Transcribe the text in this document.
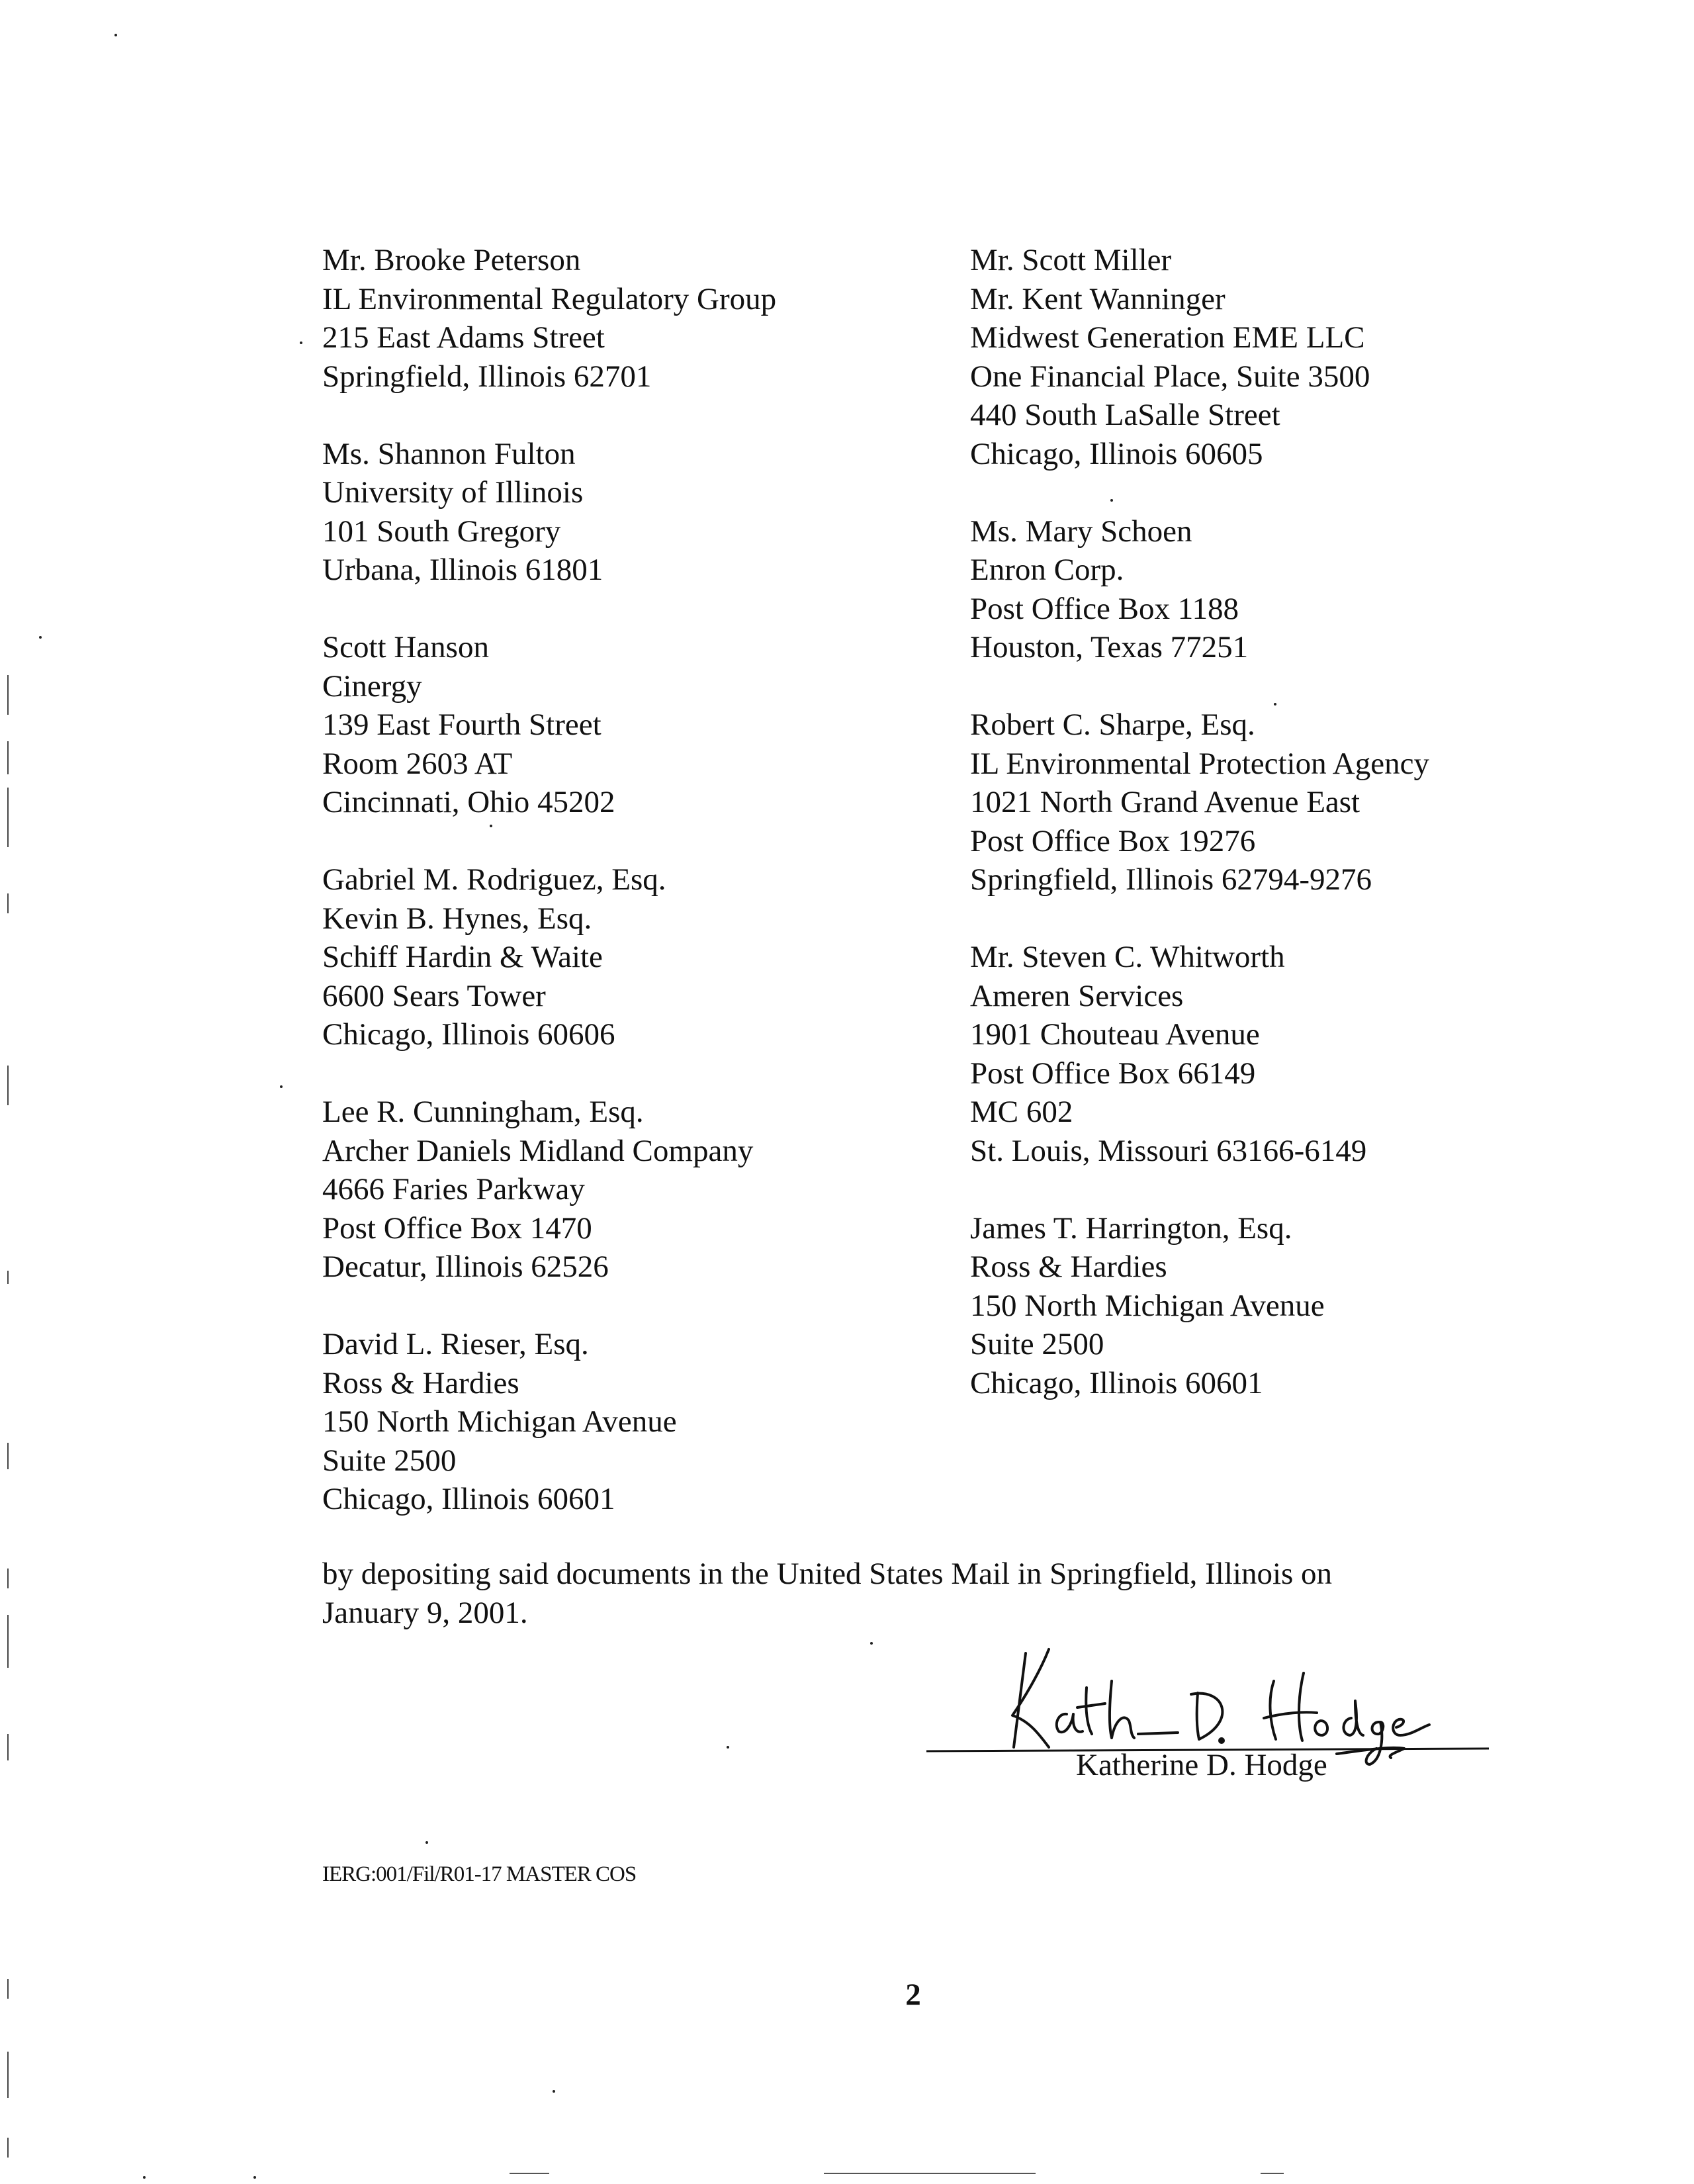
Mr. Brooke Peterson
IL Environmental Regulatory Group
215 East Adams Street
Springfield, Illinois 62701
Ms. Shannon Fulton
University of Illinois
101 South Gregory
Urbana, Illinois 61801
Scott Hanson
Cinergy
139 East Fourth Street
Room 2603 AT
Cincinnati, Ohio 45202
Gabriel M. Rodriguez, Esq.
Kevin B. Hynes, Esq.
Schiff Hardin & Waite
6600 Sears Tower
Chicago, Illinois 60606
Lee R. Cunningham, Esq.
Archer Daniels Midland Company
4666 Faries Parkway
Post Office Box 1470
Decatur, Illinois 62526
David L. Rieser, Esq.
Ross & Hardies
150 North Michigan Avenue
Suite 2500
Chicago, Illinois 60601
Mr. Scott Miller
Mr. Kent Wanninger
Midwest Generation EME LLC
One Financial Place, Suite 3500
440 South LaSalle Street
Chicago, Illinois 60605
Ms. Mary Schoen
Enron Corp.
Post Office Box 1188
Houston, Texas 77251
Robert C. Sharpe, Esq.
IL Environmental Protection Agency
1021 North Grand Avenue East
Post Office Box 19276
Springfield, Illinois 62794-9276
Mr. Steven C. Whitworth
Ameren Services
1901 Chouteau Avenue
Post Office Box 66149
MC 602
St. Louis, Missouri 63166-6149
James T. Harrington, Esq.
Ross & Hardies
150 North Michigan Avenue
Suite 2500
Chicago, Illinois 60601
by depositing said documents in the United States Mail in Springfield, Illinois on
January 9, 2001.
Katherine D. Hodge
IERG:001/Fil/R01-17 MASTER COS
2
